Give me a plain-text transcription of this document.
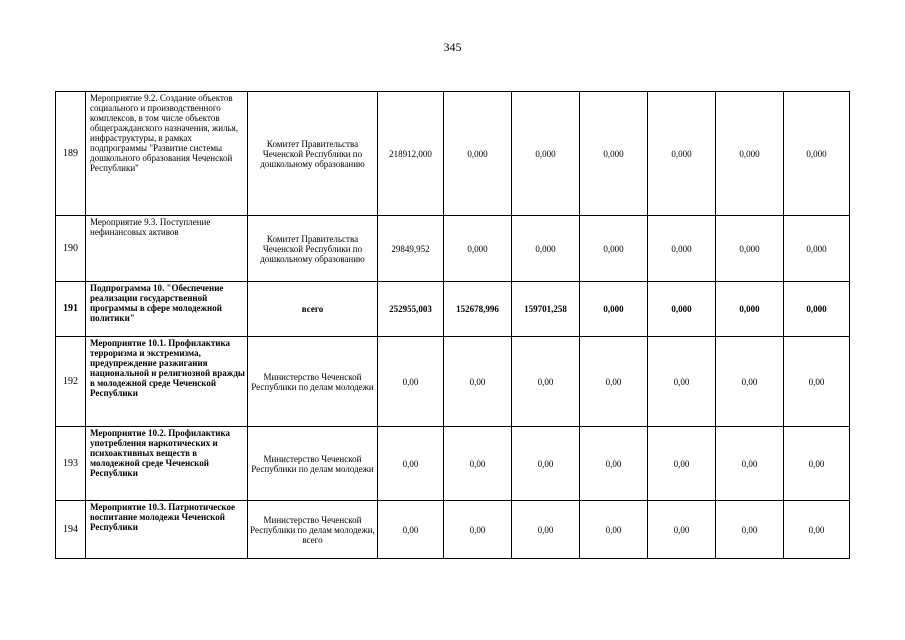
345
189	Мероприятие 9.2. Создание объектов социального и производственного комплексов, в том числе объектов общегражданского назначения, жилья, инфраструктуры, в рамках подпрограммы "Развитие системы дошкольного образования Чеченской Республики"	Комитет Правительства Чеченской Республики по дошкольному образованию	218912,000	0,000	0,000	0,000	0,000	0,000	0,000
190	Мероприятие 9.3. Поступление нефинансовых активов	Комитет Правительства Чеченской Республики по дошкольному образованию	29849,952	0,000	0,000	0,000	0,000	0,000	0,000
191	Подпрограмма 10. "Обеспечение реализации государственной программы в сфере молодежной политики"	всего	252955,003	152678,996	159701,258	0,000	0,000	0,000	0,000
192	Мероприятие 10.1. Профилактика терроризма и экстремизма, предупреждение разжигания национальной и религиозной вражды в молодежной среде Чеченской Республики	Министерство Чеченской Республики по делам молодежи	0,00	0,00	0,00	0,00	0,00	0,00	0,00
193	Мероприятие 10.2. Профилактика употребления наркотических и психоактивных веществ в молодежной среде Чеченской Республики	Министерство Чеченской Республики по делам молодежи	0,00	0,00	0,00	0,00	0,00	0,00	0,00
194	Мероприятие 10.3. Патриотическое воспитание молодежи Чеченской Республики	Министерство Чеченской Республики по делам молодежи, всего	0,00	0,00	0,00	0,00	0,00	0,00	0,00
